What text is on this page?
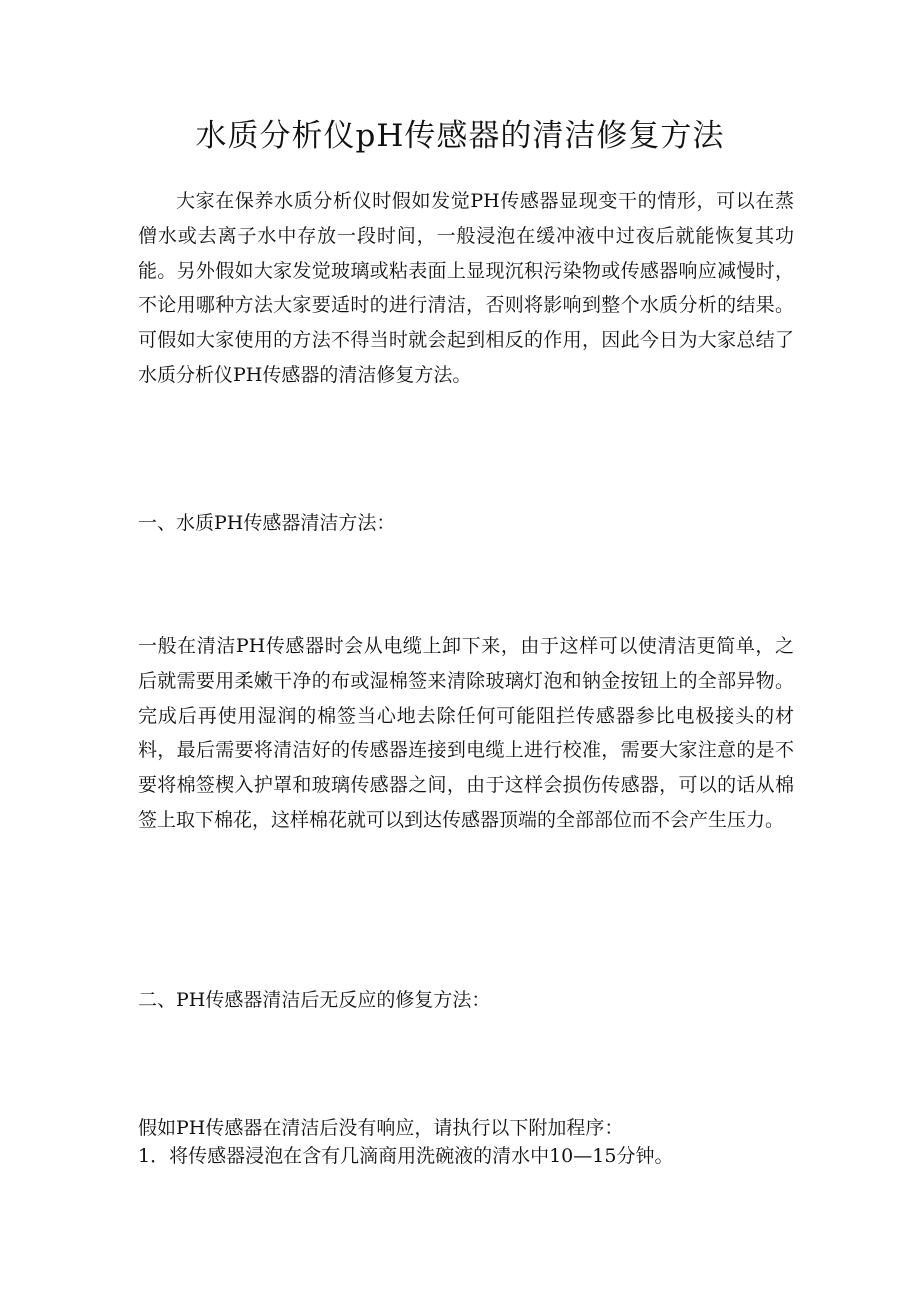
水质分析仪pH传感器的清洁修复方法

大家在保养水质分析仪时假如发觉PH传感器显现变干的情形，可以在蒸僧水或去离子水中存放一段时间，一般浸泡在缓冲液中过夜后就能恢复其功能。另外假如大家发觉玻璃或粘表面上显现沉积污染物或传感器响应减慢时，不论用哪种方法大家要适时的进行清洁，否则将影响到整个水质分析的结果。可假如大家使用的方法不得当时就会起到相反的作用，因此今日为大家总结了水质分析仪PH传感器的清洁修复方法。

一、水质PH传感器清洁方法：

一般在清洁PH传感器时会从电缆上卸下来，由于这样可以使清洁更简单，之后就需要用柔嫩干净的布或湿棉签来清除玻璃灯泡和钠金按钮上的全部异物。完成后再使用湿润的棉签当心地去除任何可能阻拦传感器参比电极接头的材料，最后需要将清洁好的传感器连接到电缆上进行校准，需要大家注意的是不要将棉签楔入护罩和玻璃传感器之间，由于这样会损伤传感器，可以的话从棉签上取下棉花，这样棉花就可以到达传感器顶端的全部部位而不会产生压力。

二、PH传感器清洁后无反应的修复方法：
假如PH传感器在清洁后没有响应，请执行以下附加程序：
1．将传感器浸泡在含有几滴商用洗碗液的清水中10—15分钟。
